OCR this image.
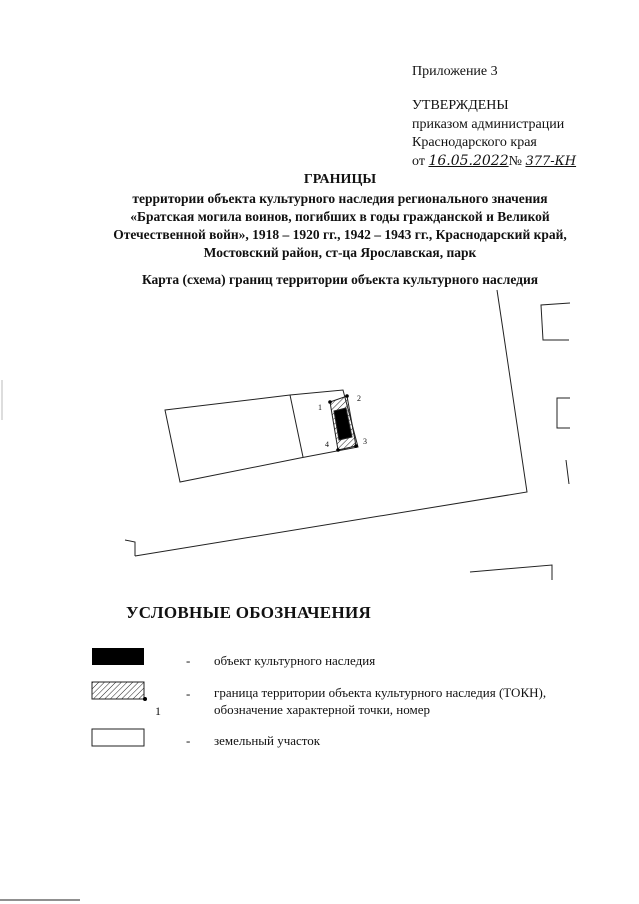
Приложение 3
УТВЕРЖДЕНЫ
приказом администрации
Краснодарского края
от 16.05.2022№ 377-КН
ГРАНИЦЫ
территории объекта культурного наследия регионального значения
«Братская могила воинов, погибших в годы гражданской и Великой
Отечественной войн», 1918 – 1920 гг., 1942 – 1943 гг., Краснодарский край,
Мостовский район, ст-ца Ярославская, парк
Карта (схема) границ территории объекта культурного наследия
1
2
3
4
УСЛОВНЫЕ ОБОЗНАЧЕНИЯ
- объект культурного наследия
- граница территории объекта культурного наследия (ТОКН),
обозначение характерной точки, номер
1
- земельный участок
